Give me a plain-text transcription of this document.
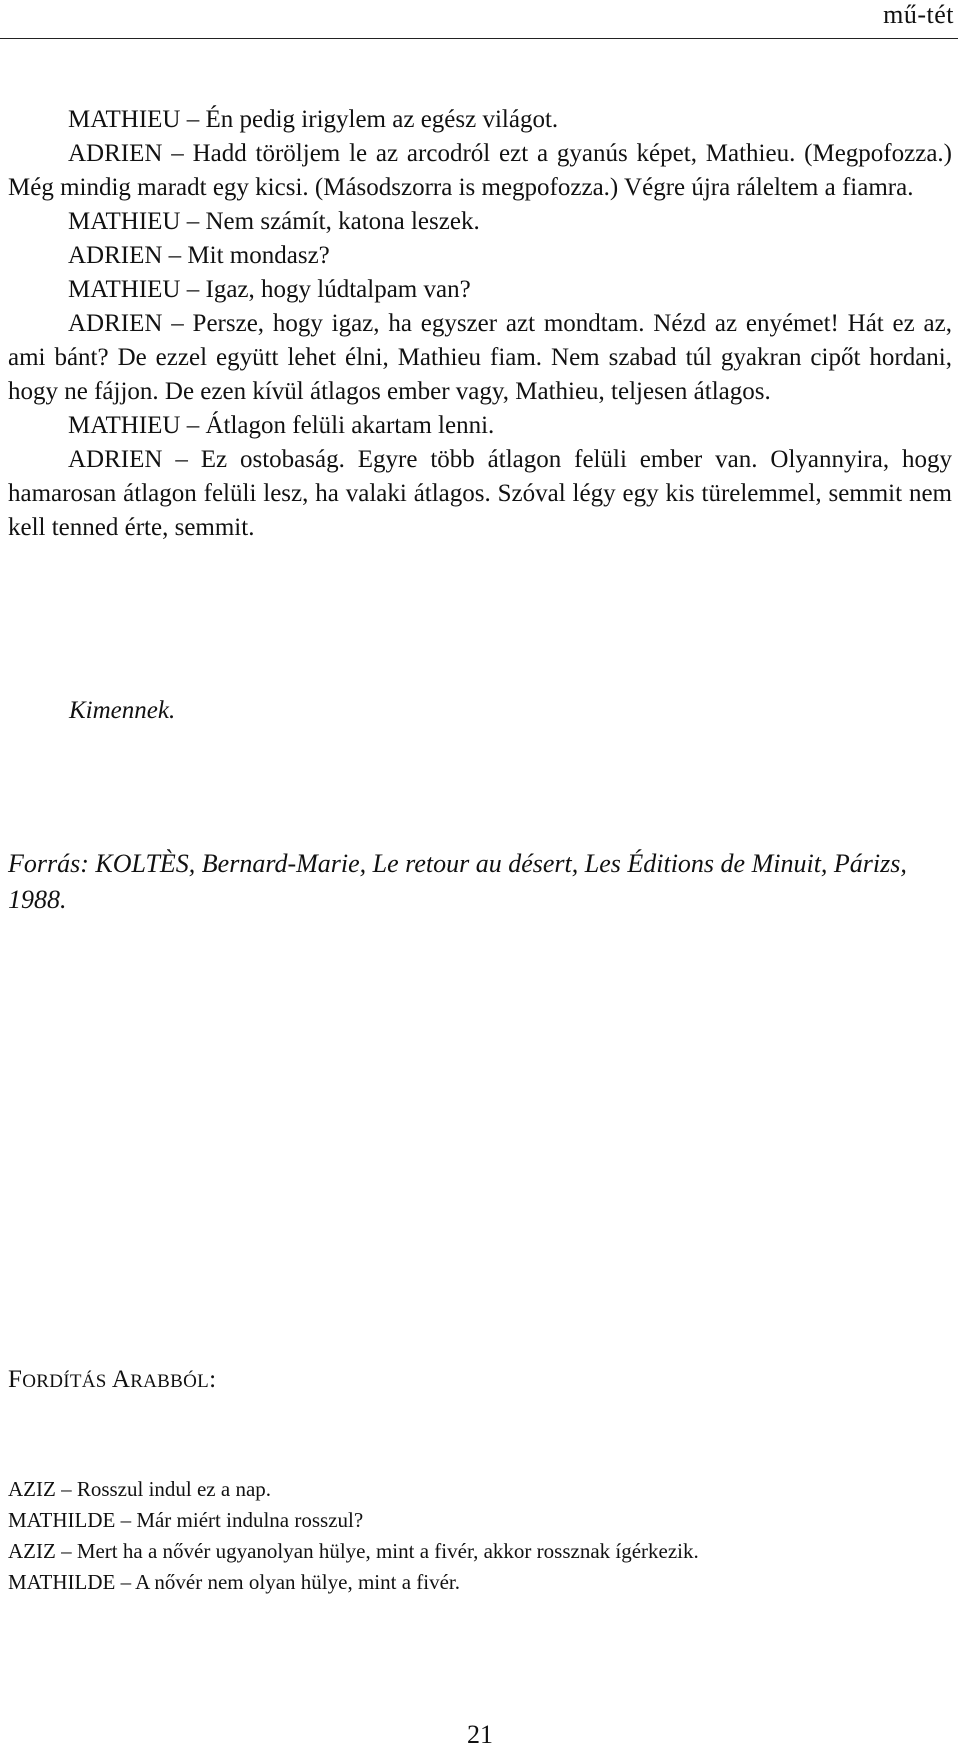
mű-tét

MATHIEU – Én pedig irigylem az egész világot.

ADRIEN – Hadd töröljem le az arcodról ezt a gyanús képet, Mathieu. (Megpofozza.) Még mindig maradt egy kicsi. (Másodszorra is megpofozza.) Végre újra ráleltem a fiamra.

MATHIEU – Nem számít, katona leszek.

ADRIEN – Mit mondasz?

MATHIEU – Igaz, hogy lúdtalpam van?

ADRIEN – Persze, hogy igaz, ha egyszer azt mondtam. Nézd az enyémet! Hát ez az, ami bánt? De ezzel együtt lehet élni, Mathieu fiam. Nem szabad túl gyakran cipőt hordani, hogy ne fájjon. De ezen kívül átlagos ember vagy, Mathieu, teljesen átlagos.

MATHIEU – Átlagon felüli akartam lenni.

ADRIEN – Ez ostobaság. Egyre több átlagon felüli ember van. Olyannyira, hogy hamarosan átlagon felüli lesz, ha valaki átlagos. Szóval légy egy kis türelemmel, semmit nem kell tenned érte, semmit.

Kimennek.
Forrás: KOLTÈS, Bernard-Marie, Le retour au désert, Les Éditions de Minuit, Párizs, 1988.
FORDÍTÁS ARABBÓL:

AZIZ – Rosszul indul ez a nap.

MATHILDE – Már miért indulna rosszul?

AZIZ – Mert ha a nővér ugyanolyan hülye, mint a fivér, akkor rossznak ígérkezik.

MATHILDE – A nővér nem olyan hülye, mint a fivér.

21
